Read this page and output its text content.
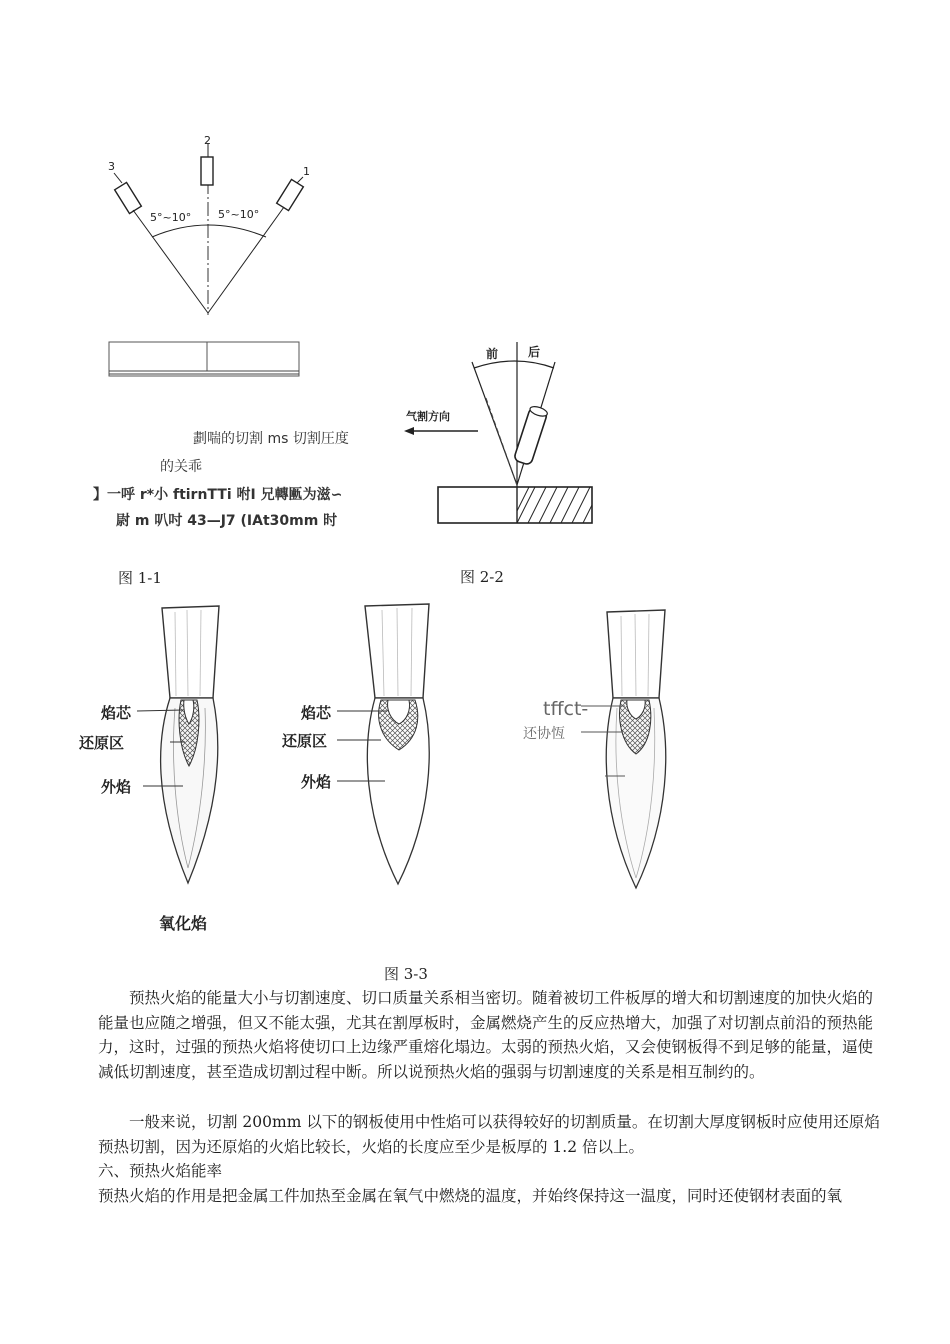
2
3	1
5°~10° 5°~10°
劃喘的切割 ms 切割圧度
的关乖
】一呼 r*小 ftirnTTi 咐I 兄轉匭为滋∽
尉 m 叭吋 43—J7 (IAt30mm 时
图 1-1
前 后
气割方向
图 2-2
焰芯
还原区
外焰
氧化焰
焰芯
还原区
外焰
tffct-
还协恆
图 3-3
预热火焰的能量大小与切割速度、切口质量关系相当密切。随着被切工件板厚的增大和切割速度的加快火焰的能量也应随之增强，但又不能太强，尤其在割厚板时，金属燃烧产生的反应热增大，加强了对切割点前沿的预热能力，这时，过强的预热火焰将使切口上边缘严重熔化塌边。太弱的预热火焰，又会使钢板得不到足够的能量，逼使减低切割速度，甚至造成切割过程中断。所以说预热火焰的强弱与切割速度的关系是相互制约的。
一般来说，切割 200mm 以下的钢板使用中性焰可以获得较好的切割质量。在切割大厚度钢板时应使用还原焰预热切割，因为还原焰的火焰比较长，火焰的长度应至少是板厚的 1.2 倍以上。
六、预热火焰能率
预热火焰的作用是把金属工件加热至金属在氧气中燃烧的温度，并始终保持这一温度，同时还使钢材表面的氧
